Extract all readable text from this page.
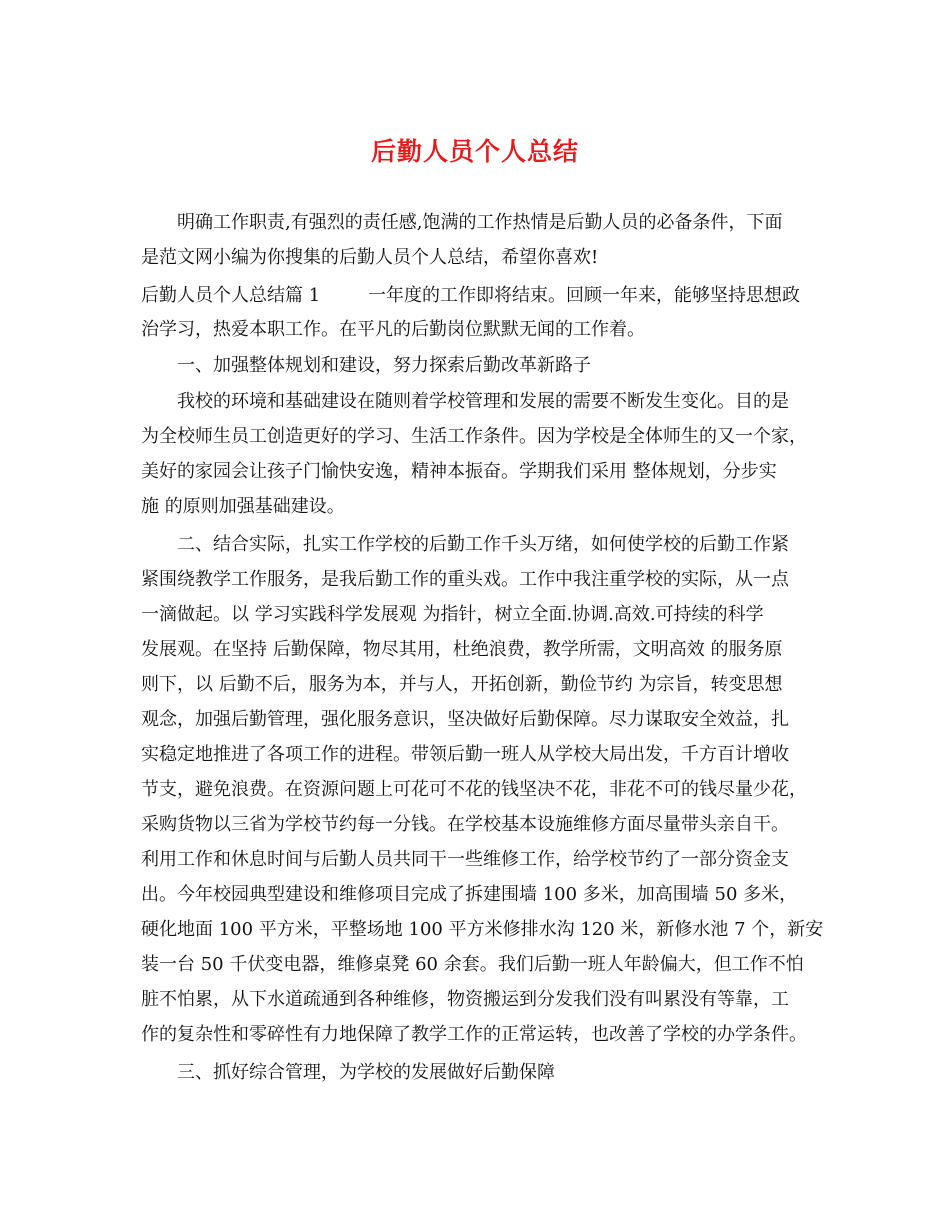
后勤人员个人总结
明确工作职责,有强烈的责任感,饱满的工作热情是后勤人员的必备条件，下面
是范文网小编为你搜集的后勤人员个人总结，希望你喜欢!
后勤人员个人总结篇 1	一年度的工作即将结束。回顾一年来，能够坚持思想政
治学习，热爱本职工作。在平凡的后勤岗位默默无闻的工作着。
一、加强整体规划和建设，努力探索后勤改革新路子
我校的环境和基础建设在随则着学校管理和发展的需要不断发生变化。目的是
为全校师生员工创造更好的学习、生活工作条件。因为学校是全体师生的又一个家，
美好的家园会让孩子门愉快安逸，精神本振奋。学期我们采用 整体规划，分步实
施 的原则加强基础建设。
二、结合实际，扎实工作学校的后勤工作千头万绪，如何使学校的后勤工作紧
紧围绕教学工作服务，是我后勤工作的重头戏。工作中我注重学校的实际，从一点
一滴做起。以 学习实践科学发展观 为指针，树立全面.协调.高效.可持续的科学
发展观。在坚持 后勤保障，物尽其用，杜绝浪费，教学所需，文明高效 的服务原
则下，以 后勤不后，服务为本，并与人，开拓创新，勤俭节约 为宗旨，转变思想
观念，加强后勤管理，强化服务意识，坚决做好后勤保障。尽力谋取安全效益，扎
实稳定地推进了各项工作的进程。带领后勤一班人从学校大局出发，千方百计增收
节支，避免浪费。在资源问题上可花可不花的钱坚决不花，非花不可的钱尽量少花，
采购货物以三省为学校节约每一分钱。在学校基本设施维修方面尽量带头亲自干。
利用工作和休息时间与后勤人员共同干一些维修工作，给学校节约了一部分资金支
出。今年校园典型建设和维修项目完成了拆建围墙 100 多米，加高围墙 50 多米，
硬化地面 100 平方米，平整场地 100 平方米修排水沟 120 米，新修水池 7 个，新安
装一台 50 千伏变电器，维修桌凳 60 余套。我们后勤一班人年龄偏大，但工作不怕
脏不怕累，从下水道疏通到各种维修，物资搬运到分发我们没有叫累没有等靠，工
作的复杂性和零碎性有力地保障了教学工作的正常运转，也改善了学校的办学条件。
三、抓好综合管理，为学校的发展做好后勤保障
